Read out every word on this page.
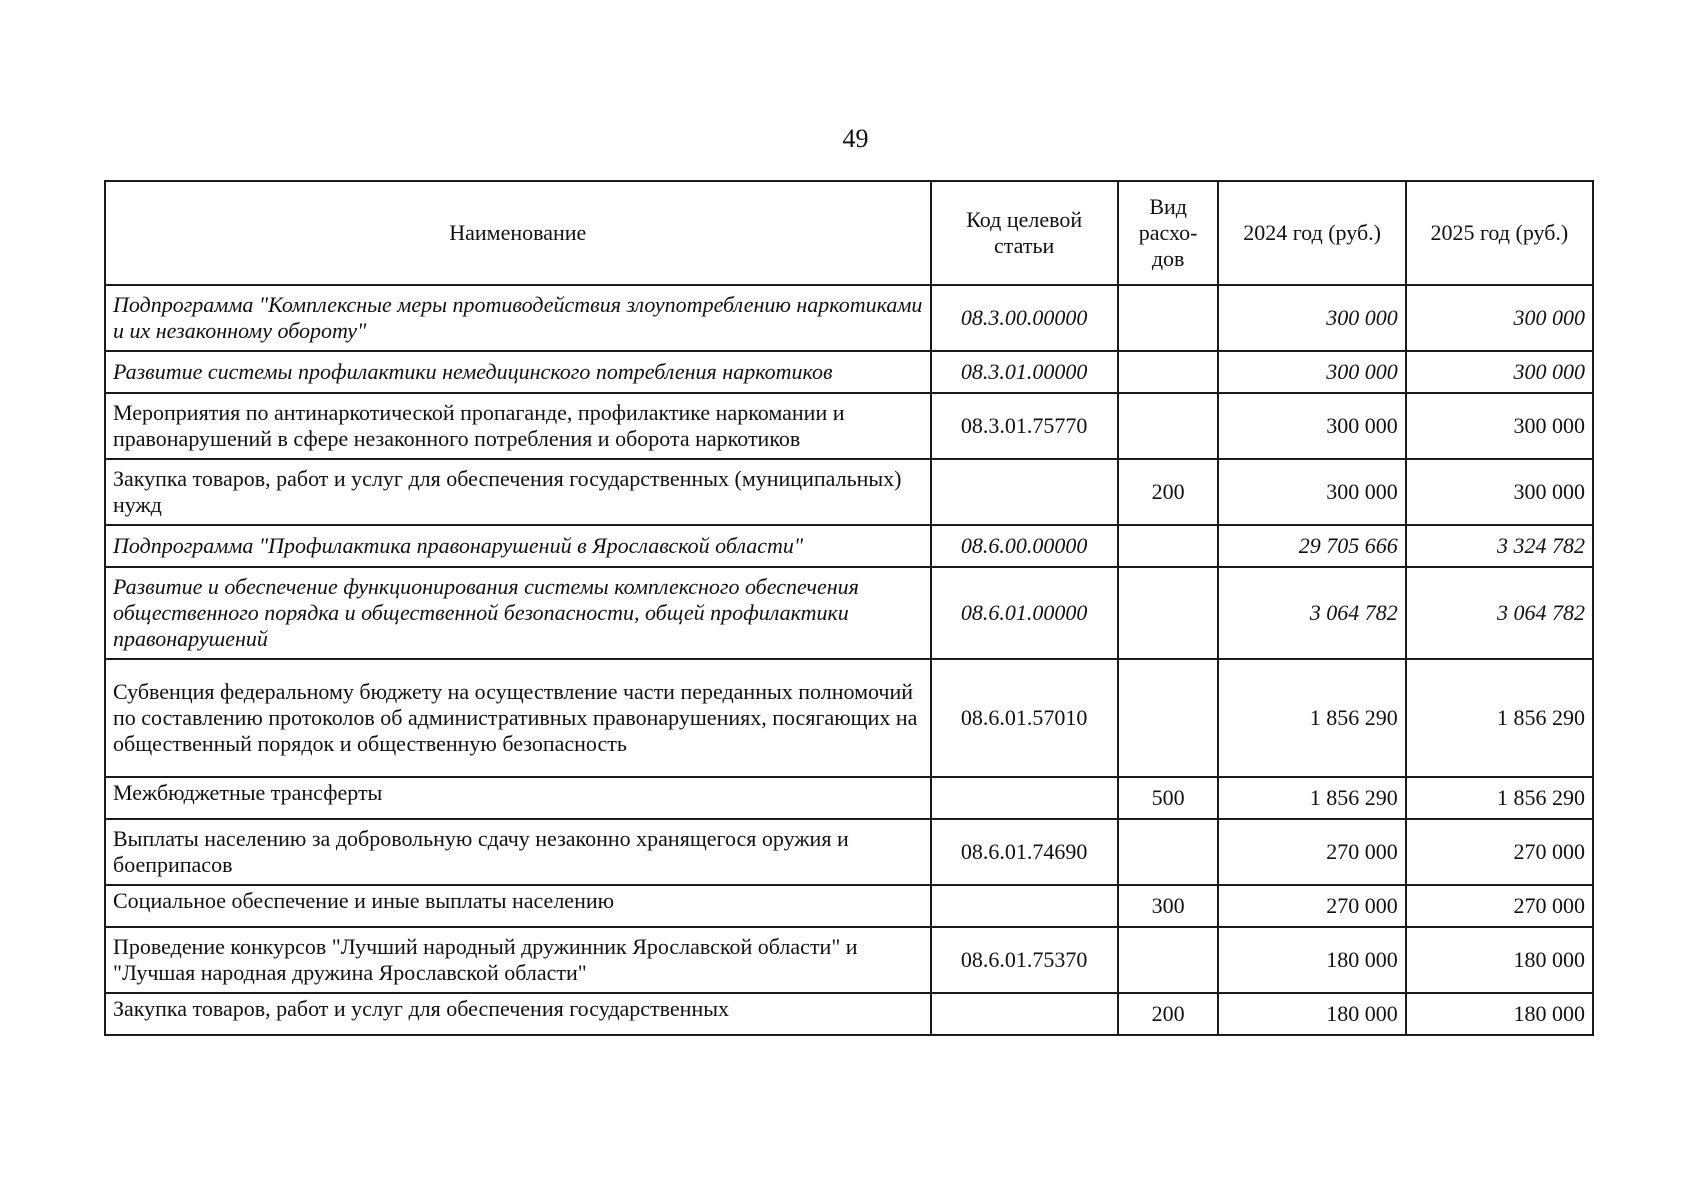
49
Наименование	Код целевой статьи	Вид расхо-дов	2024 год (руб.)	2025 год (руб.)
Подпрограмма "Комплексные меры противодействия злоупотреблению наркотиками и их незаконному обороту"	08.3.00.00000		300 000	300 000
Развитие системы профилактики немедицинского потребления наркотиков	08.3.01.00000		300 000	300 000
Мероприятия по антинаркотической пропаганде, профилактике наркомании и правонарушений в сфере незаконного потребления и оборота наркотиков	08.3.01.75770		300 000	300 000
Закупка товаров, работ и услуг для обеспечения государственных (муниципальных) нужд		200	300 000	300 000
Подпрограмма "Профилактика правонарушений в Ярославской области"	08.6.00.00000		29 705 666	3 324 782
Развитие и обеспечение функционирования системы комплексного обеспечения общественного порядка и общественной безопасности, общей профилактики правонарушений	08.6.01.00000		3 064 782	3 064 782
Субвенция федеральному бюджету на осуществление части переданных полномочий по составлению протоколов об административных правонарушениях, посягающих на общественный порядок и общественную безопасность	08.6.01.57010		1 856 290	1 856 290
Межбюджетные трансферты		500	1 856 290	1 856 290
Выплаты населению за добровольную сдачу незаконно хранящегося оружия и боеприпасов	08.6.01.74690		270 000	270 000
Социальное обеспечение и иные выплаты населению		300	270 000	270 000
Проведение конкурсов "Лучший народный дружинник Ярославской области" и "Лучшая народная дружина Ярославской области"	08.6.01.75370		180 000	180 000
Закупка товаров, работ и услуг для обеспечения государственных		200	180 000	180 000
